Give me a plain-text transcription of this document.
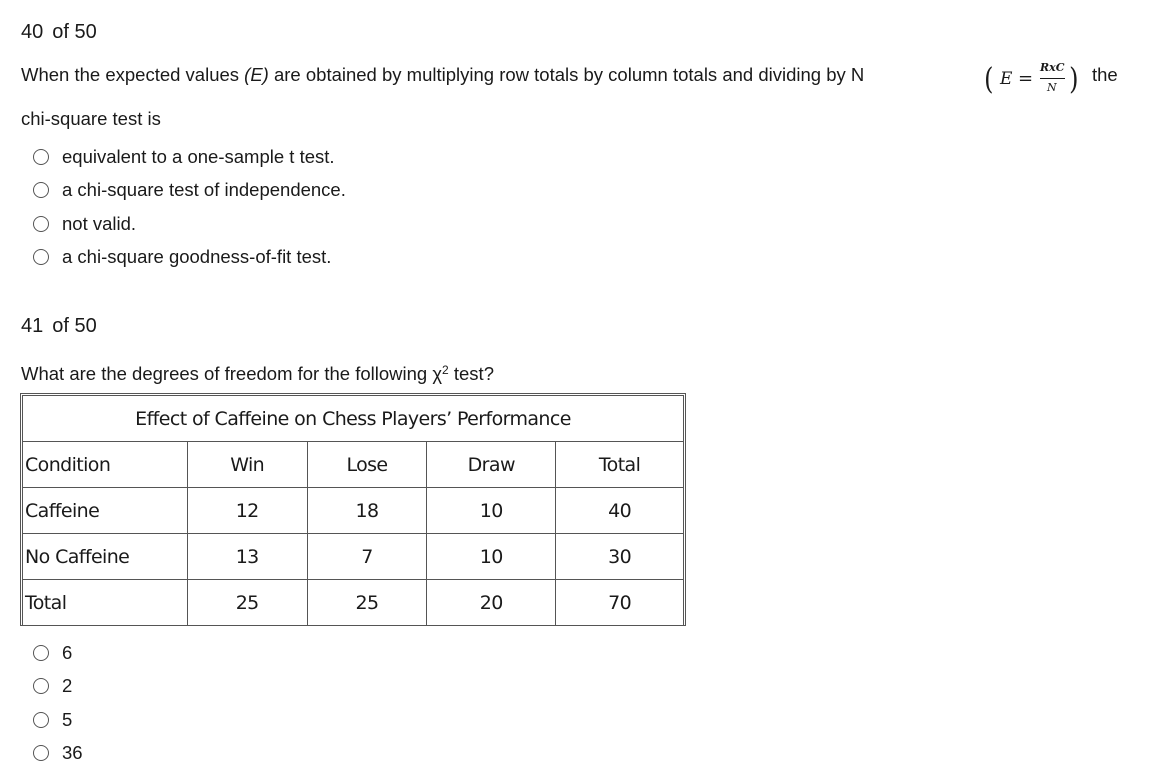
40 of 50
When the expected values (E) are obtained by multiplying row totals by column totals and dividing by N	( E =
RxC
N ) the
chi-square test is
equivalent to a one-sample t test.
a chi-square test of independence.
not valid.
a chi-square goodness-of-fit test.
41 of 50
What are the degrees of freedom for the following $\chi^2$ test?
Effect of Caffeine on Chess Players’ Performance				
Condition	Win	Lose	Draw	Total
Caffeine	12	18	10	40
No Caffeine	13	7	10	30
Total	25	25	20	70
6
2
5
36
